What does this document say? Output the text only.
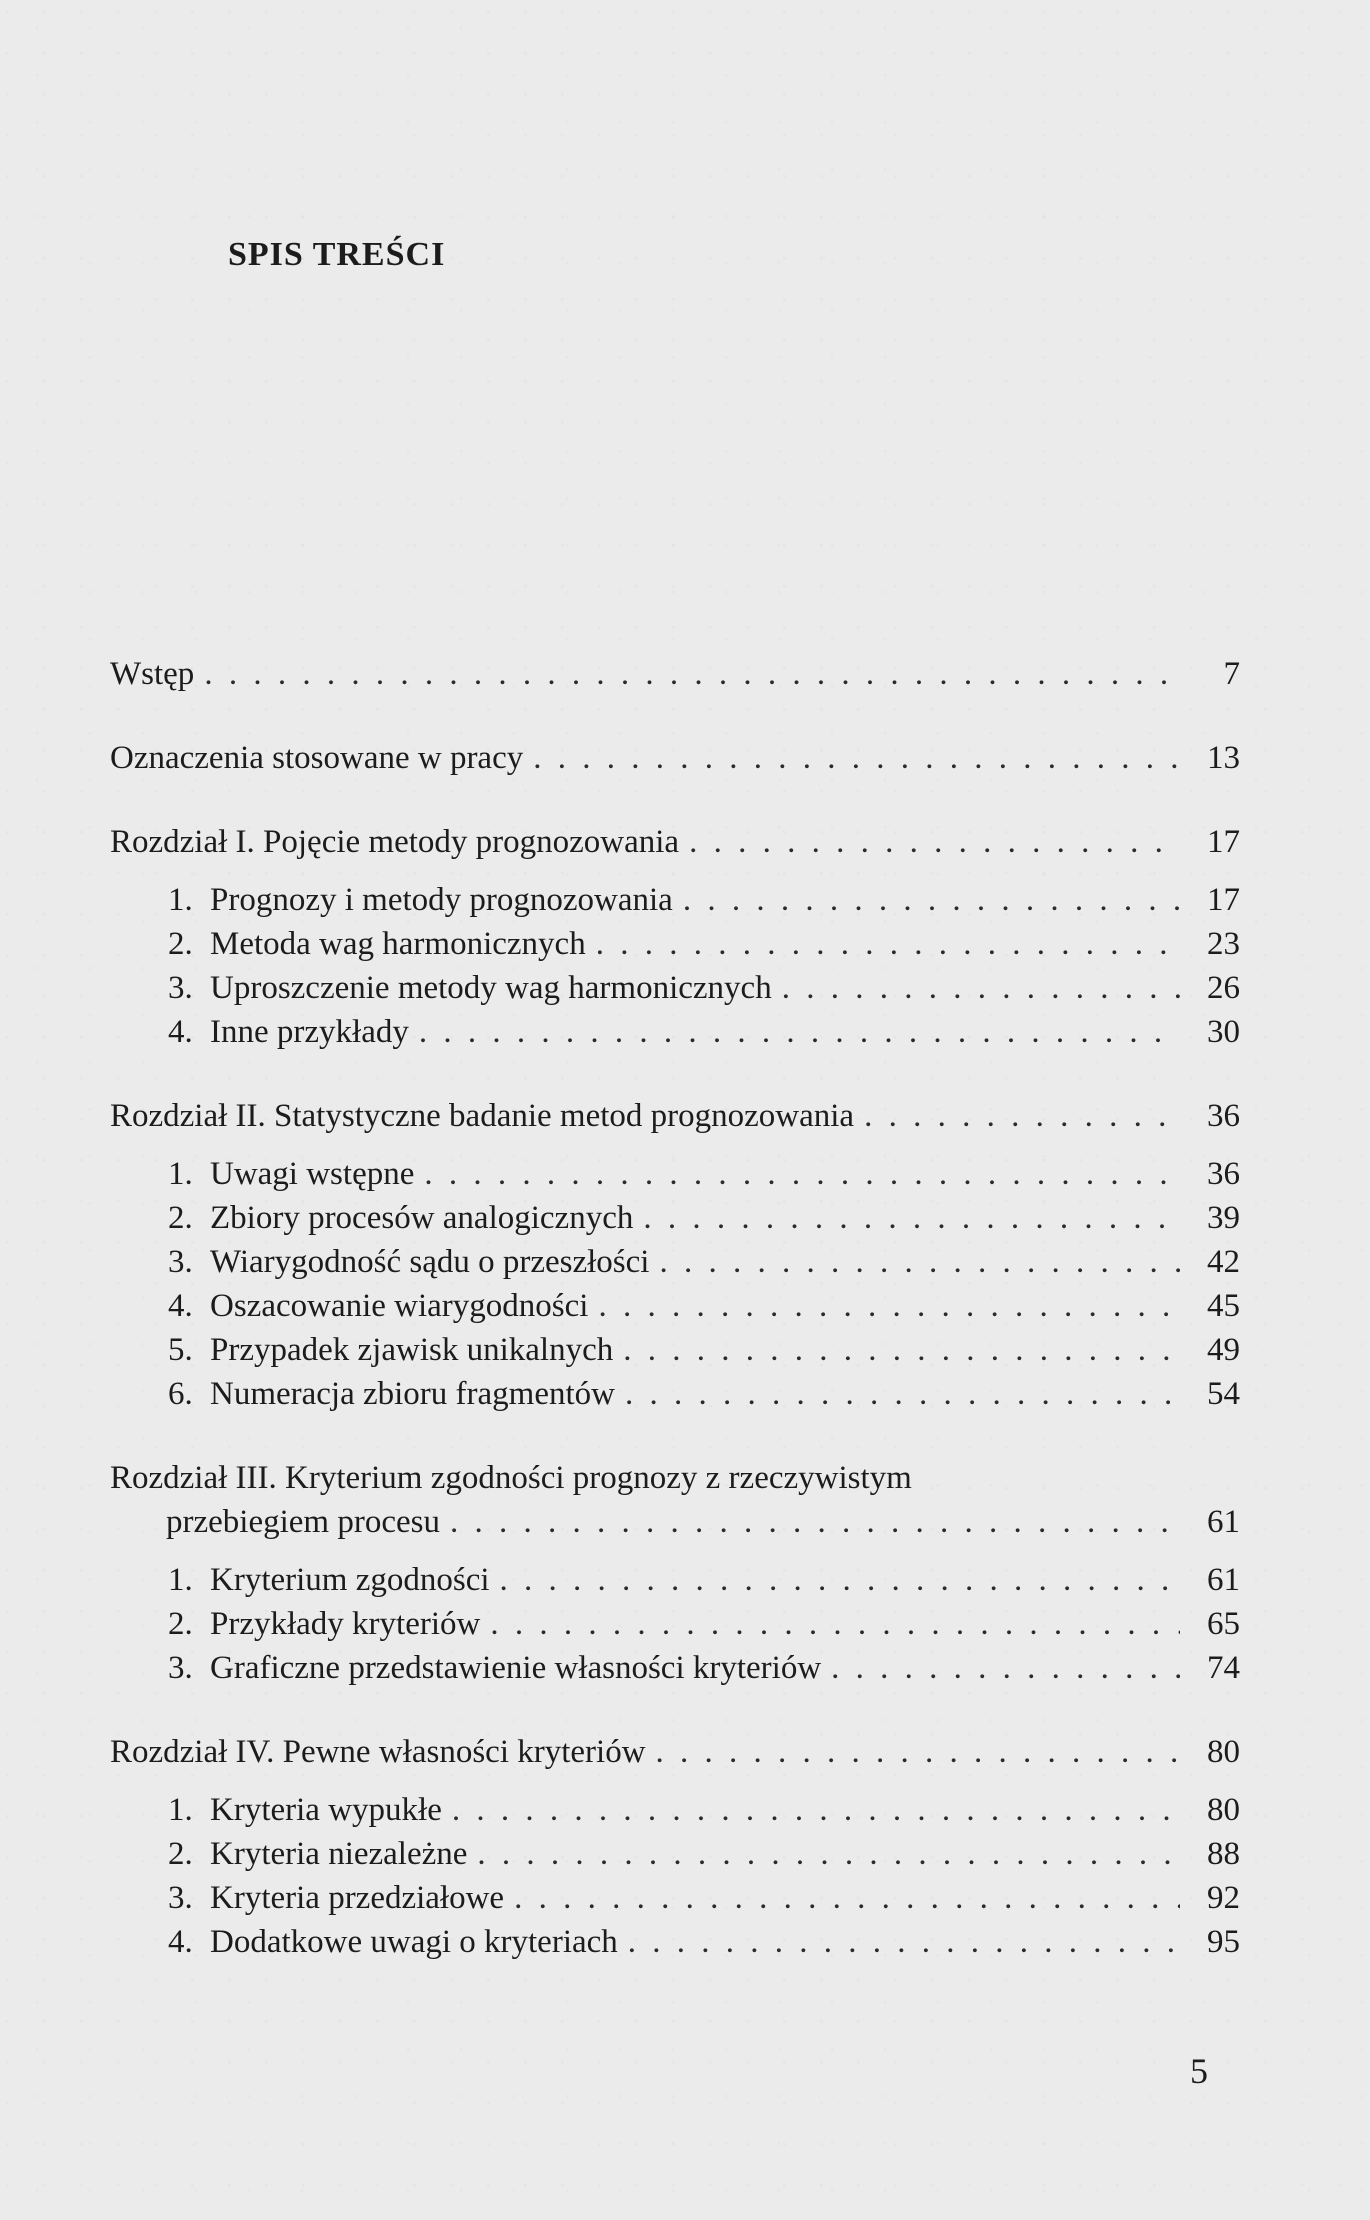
SPIS TREŚCI
Wstęp . . .	7
Oznaczenia stosowane w pracy . . .	13
Rozdział I. Pojęcie metody prognozowania . . .	17
1. Prognozy i metody prognozowania . . .	17
2. Metoda wag harmonicznych . . .	23
3. Uproszczenie metody wag harmonicznych . . .	26
4. Inne przykłady . . .	30
Rozdział II. Statystyczne badanie metod prognozowania . . .	36
1. Uwagi wstępne . . .	36
2. Zbiory procesów analogicznych . . .	39
3. Wiarygodność sądu o przeszłości . . .	42
4. Oszacowanie wiarygodności . . .	45
5. Przypadek zjawisk unikalnych . . .	49
6. Numeracja zbioru fragmentów . . .	54
Rozdział III. Kryterium zgodności prognozy z rzeczywistym
przebiegiem procesu . . .	61
1. Kryterium zgodności . . .	61
2. Przykłady kryteriów . . .	65
3. Graficzne przedstawienie własności kryteriów . . .	74
Rozdział IV. Pewne własności kryteriów . . .	80
1. Kryteria wypukłe . . .	80
2. Kryteria niezależne . . .	88
3. Kryteria przedziałowe . . .	92
4. Dodatkowe uwagi o kryteriach . . .	95
5
